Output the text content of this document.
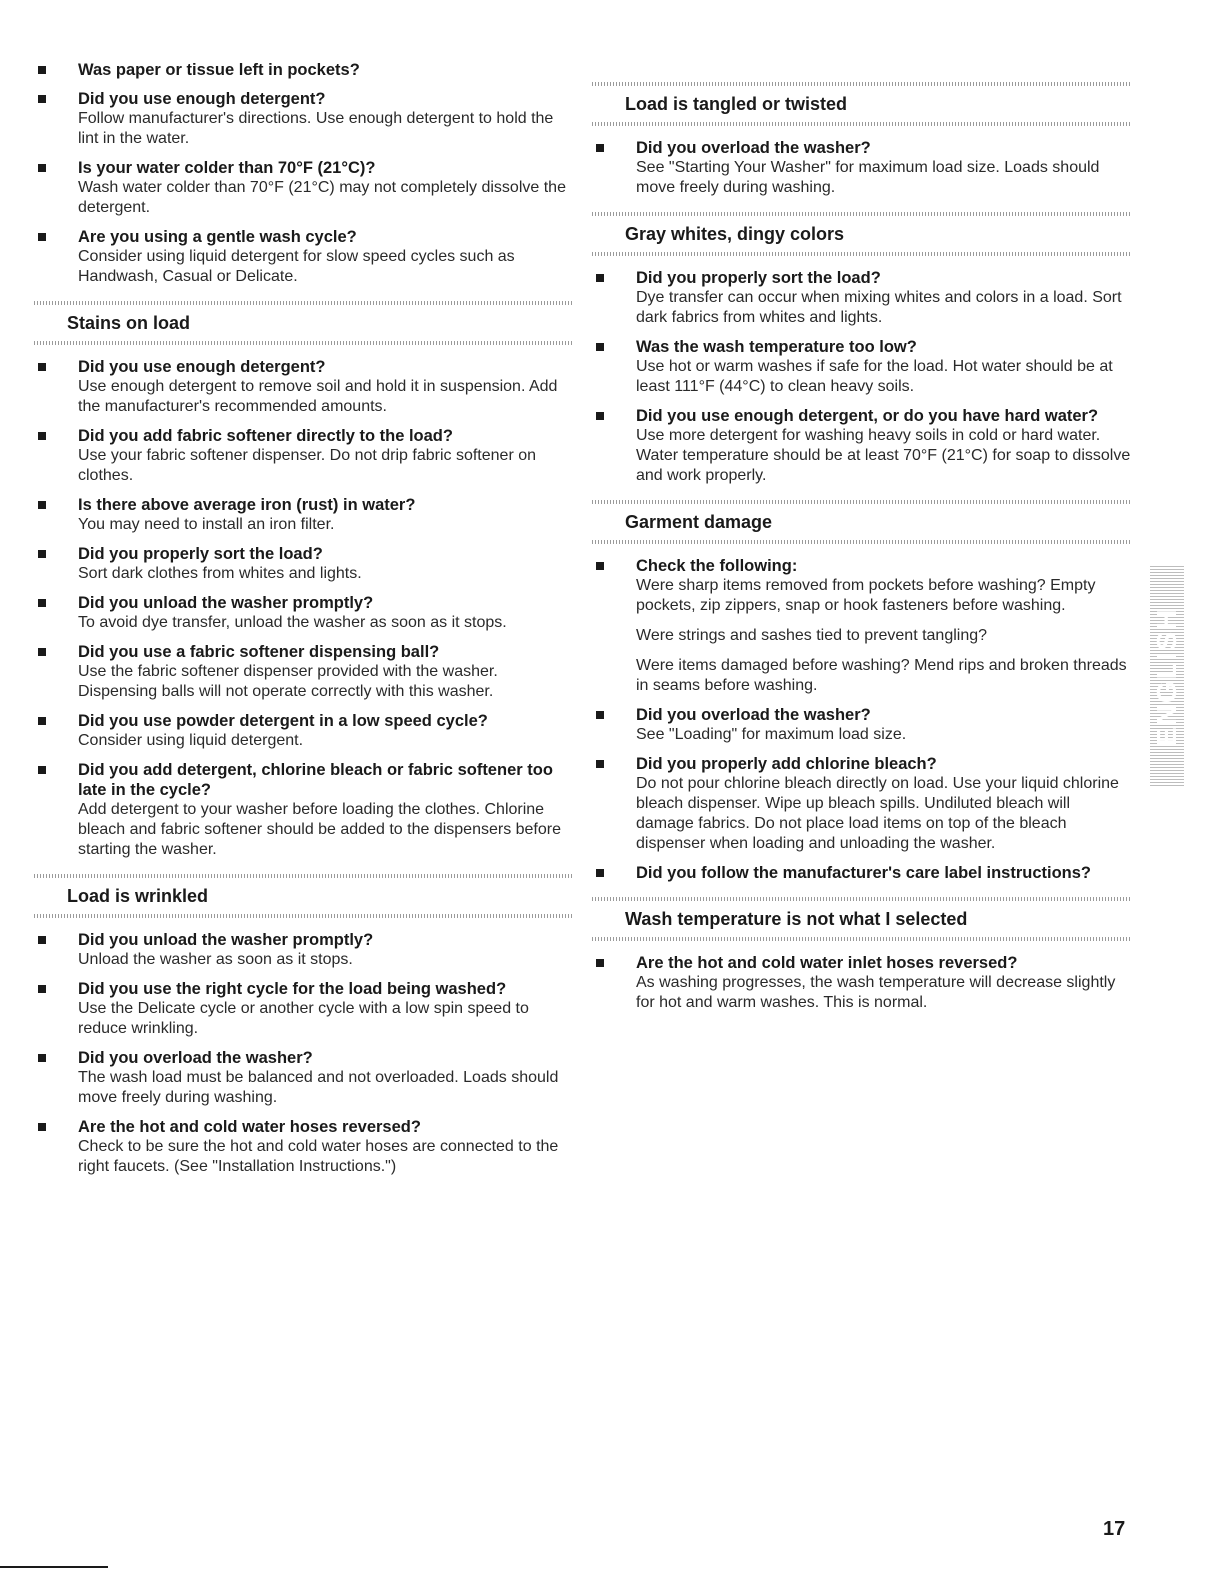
Was paper or tissue left in pockets?
Did you use enough detergent?
Follow manufacturer's directions. Use enough detergent to hold the lint in the water.
Is your water colder than 70°F (21°C)?
Wash water colder than 70°F (21°C) may not completely dissolve the detergent.
Are you using a gentle wash cycle?
Consider using liquid detergent for slow speed cycles such as Handwash, Casual or Delicate.
Stains on load
Did you use enough detergent?
Use enough detergent to remove soil and hold it in suspension. Add the manufacturer's recommended amounts.
Did you add fabric softener directly to the load?
Use your fabric softener dispenser. Do not drip fabric softener on clothes.
Is there above average iron (rust) in water?
You may need to install an iron filter.
Did you properly sort the load?
Sort dark clothes from whites and lights.
Did you unload the washer promptly?
To avoid dye transfer, unload the washer as soon as it stops.
Did you use a fabric softener dispensing ball?
Use the fabric softener dispenser provided with the washer. Dispensing balls will not operate correctly with this washer.
Did you use powder detergent in a low speed cycle?
Consider using liquid detergent.
Did you add detergent, chlorine bleach or fabric softener too late in the cycle?
Add detergent to your washer before loading the clothes. Chlorine bleach and fabric softener should be added to the dispensers before starting the washer.
Load is wrinkled
Did you unload the washer promptly?
Unload the washer as soon as it stops.
Did you use the right cycle for the load being washed?
Use the Delicate cycle or another cycle with a low spin speed to reduce wrinkling.
Did you overload the washer?
The wash load must be balanced and not overloaded. Loads should move freely during washing.
Are the hot and cold water hoses reversed?
Check to be sure the hot and cold water hoses are connected to the right faucets. (See "Installation Instructions.")
Load is tangled or twisted
Did you overload the washer?
See "Starting Your Washer" for maximum load size. Loads should move freely during washing.
Gray whites, dingy colors
Did you properly sort the load?
Dye transfer can occur when mixing whites and colors in a load. Sort dark fabrics from whites and lights.
Was the wash temperature too low?
Use hot or warm washes if safe for the load. Hot water should be at least 111°F (44°C) to clean heavy soils.
Did you use enough detergent, or do you have hard water?
Use more detergent for washing heavy soils in cold or hard water. Water temperature should be at least 70°F (21°C) for soap to dissolve and work properly.
Garment damage
Check the following:
Were sharp items removed from pockets before washing? Empty pockets, zip zippers, snap or hook fasteners before washing.
Were strings and sashes tied to prevent tangling?
Were items damaged before washing? Mend rips and broken threads in seams before washing.
Did you overload the washer?
See "Loading" for maximum load size.
Did you properly add chlorine bleach?
Do not pour chlorine bleach directly on load. Use your liquid chlorine bleach dispenser. Wipe up bleach spills. Undiluted bleach will damage fabrics. Do not place load items on top of the bleach dispenser when loading and unloading the washer.
Did you follow the manufacturer's care label instructions?
Wash temperature is not what I selected
Are the hot and cold water inlet hoses reversed?
As washing progresses, the wash temperature will decrease slightly for hot and warm washes. This is normal.
ENGLISH
17
